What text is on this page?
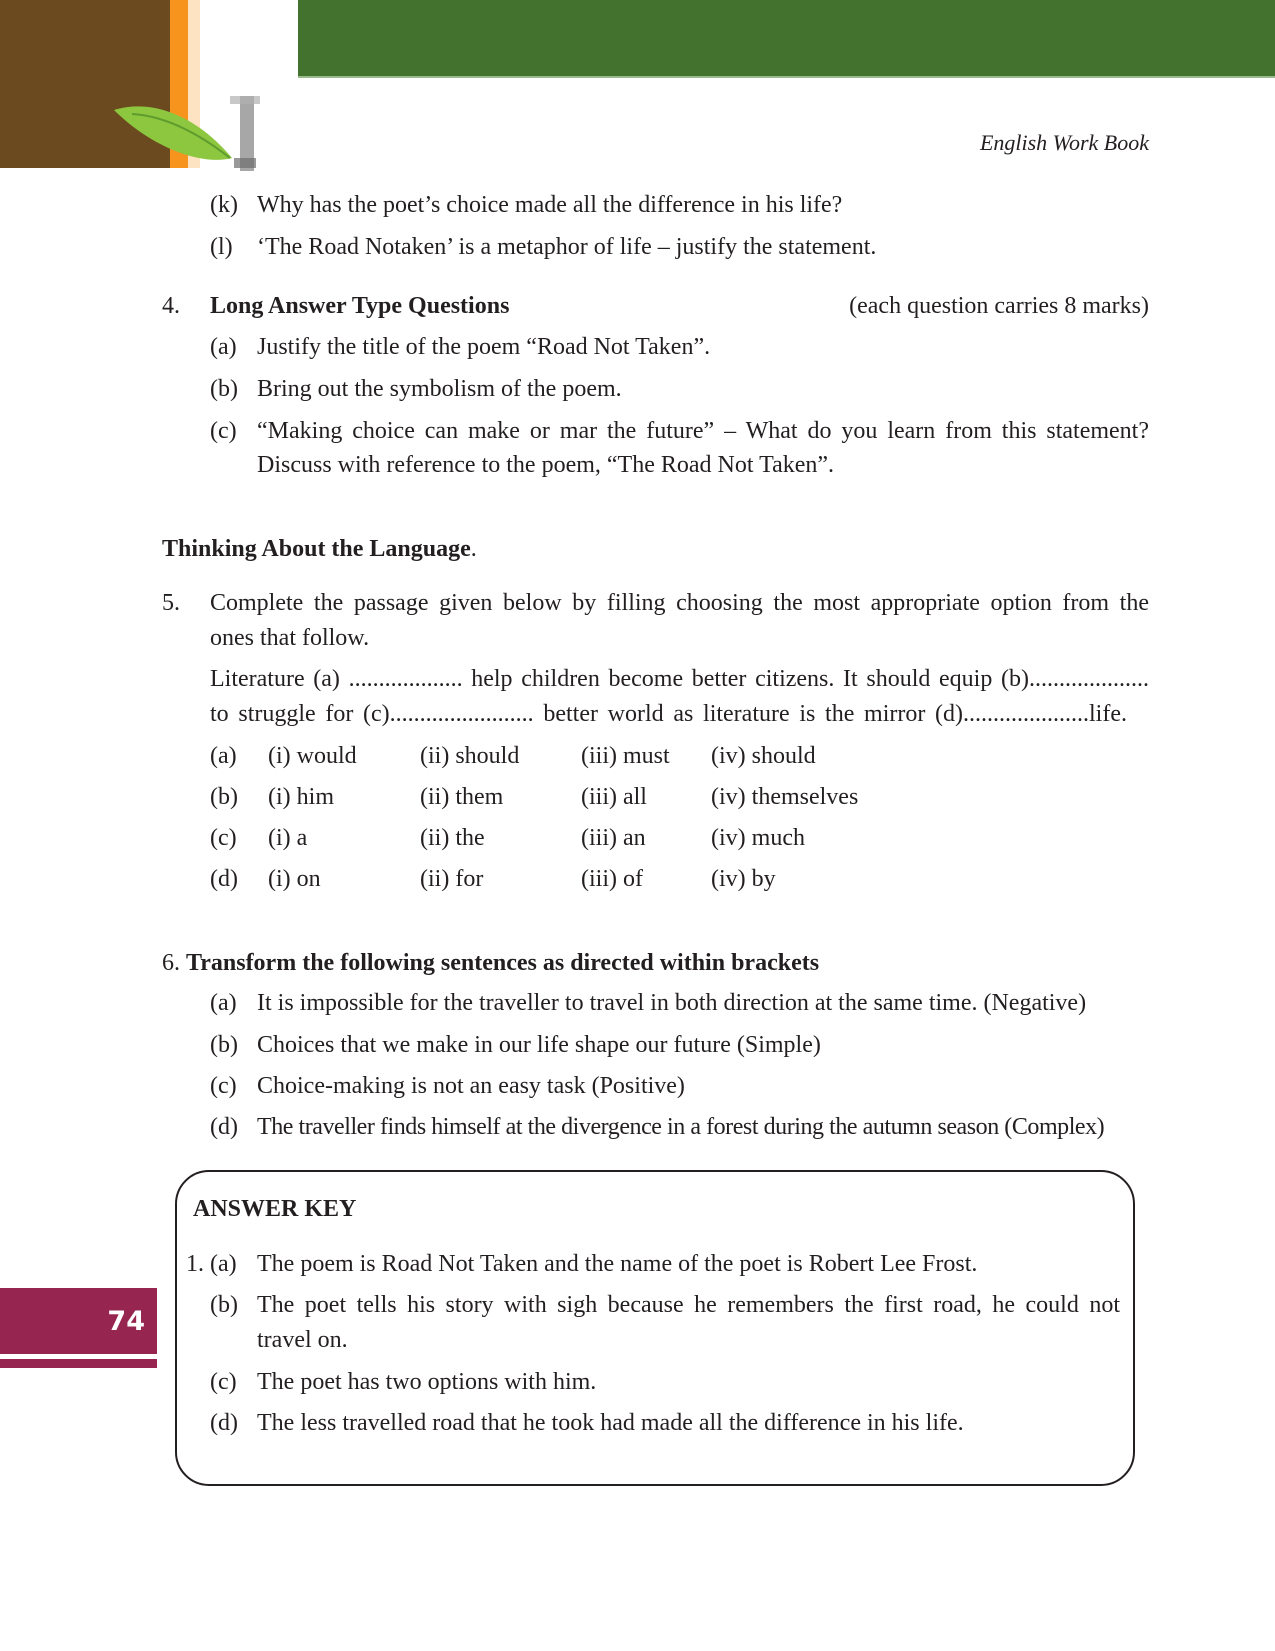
English Work Book
74
(k) Why has the poet’s choice made all the difference in his life?
(l) ‘The Road Notaken’ is a metaphor of life – justify the statement.
4. Long Answer Type Questions	(each question carries 8 marks)
(a) Justify the title of the poem “Road Not Taken”.
(b) Bring out the symbolism of the poem.
(c) “Making choice can make or mar the future” – What do you learn from this statement?
Discuss with reference to the poem, “The Road Not Taken”.
Thinking About the Language.
5. Complete the passage given below by filling choosing the most appropriate option from the
ones that follow.
Literature (a) ................... help children become better citizens. It should equip (b)....................
to struggle for (c)........................ better world as literature is the mirror (d).....................life.
(a) (i) would	(ii) should	(iii) must (iv) should
(b) (i) him	(ii) them	(iii) all	(iv) themselves
(c) (i) a	(ii) the	(iii) an	(iv) much
(d) (i) on	(ii) for	(iii) of	(iv) by
6. Transform the following sentences as directed within brackets
(a) It is impossible for the traveller to travel in both direction at the same time. (Negative)
(b) Choices that we make in our life shape our future (Simple)
(c) Choice-making is not an easy task (Positive)
(d) The traveller finds himself at the divergence in a forest during the autumn season (Complex)
ANSWER KEY
1. (a) The poem is Road Not Taken and the name of the poet is Robert Lee Frost.
(b) The poet tells his story with sigh because he remembers the first road, he could not
travel on.
(c) The poet has two options with him.
(d) The less travelled road that he took had made all the difference in his life.
